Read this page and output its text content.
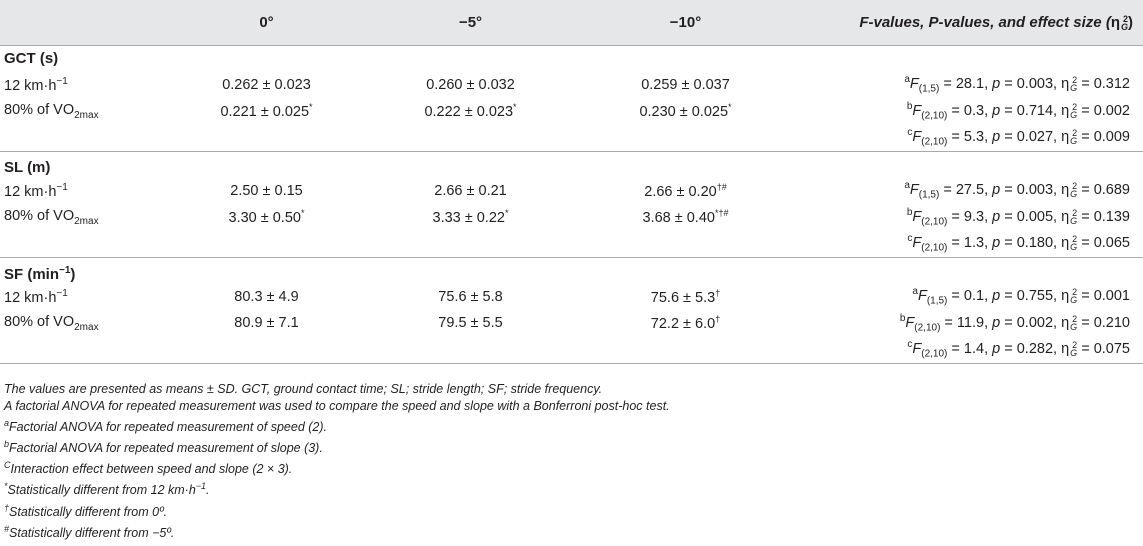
	0°	−5°	−10°	F-values, P-values, and effect size (η 2
G )
GCT (s)				
12 $km\cdot h^{-1}$	0.262 ± 0.023	0.260 ± 0.032	0.259 ± 0.037	$^aF_{(1,5)} = 28.1$, p = 0.003, η 2
G = 0.312
80% of $VO_{2max}$	0.221 ± 0.025*	0.222 ± 0.023*	0.230 ± 0.025*	$^bF_{(2,10)} = 0.3$, p = 0.714, η 2
G = 0.002
				$^cF_{(2,10)} = 5.3$, p = 0.027, η 2
G = 0.009
SL (m)				
12 $km\cdot h^{-1}$	2.50 ± 0.15	2.66 ± 0.21	2.66 ± 0.20†#	$^aF_{(1,5)} = 27.5$, p = 0.003, η 2
G = 0.689
80% of $VO_{2max}$	3.30 ± 0.50*	3.33 ± 0.22*	3.68 ± 0.40*†#	$^bF_{(2,10)} = 9.3$, p = 0.005, η 2
G = 0.139
				$^cF_{(2,10)} = 1.3$, p = 0.180, η 2
G = 0.065
SF $(\min^{-1})$				
12 $km\cdot h^{-1}$	80.3 ± 4.9	75.6 ± 5.8	75.6 ± 5.3†	$^aF_{(1,5)} = 0.1$, p = 0.755, η 2
G = 0.001
80% of $VO_{2max}$	80.9 ± 7.1	79.5 ± 5.5	72.2 ± 6.0†	$^bF_{(2,10)} = 11.9$, p = 0.002, η 2
G = 0.210
				$^cF_{(2,10)} = 1.4$, p = 0.282, η 2
G = 0.075
The values are presented as means ± SD. GCT, ground contact time; SL; stride length; SF; stride frequency.
A factorial ANOVA for repeated measurement was used to compare the speed and slope with a Bonferroni post-hoc test.
$^a$Factorial ANOVA for repeated measurement of speed (2).
$^b$Factorial ANOVA for repeated measurement of slope (3).
$^C$Interaction effect between speed and slope (2 × 3).
*Statistically different from 12 $km\cdot h^{-1}$.
†Statistically different from 0º.
#Statistically different from −5º.
